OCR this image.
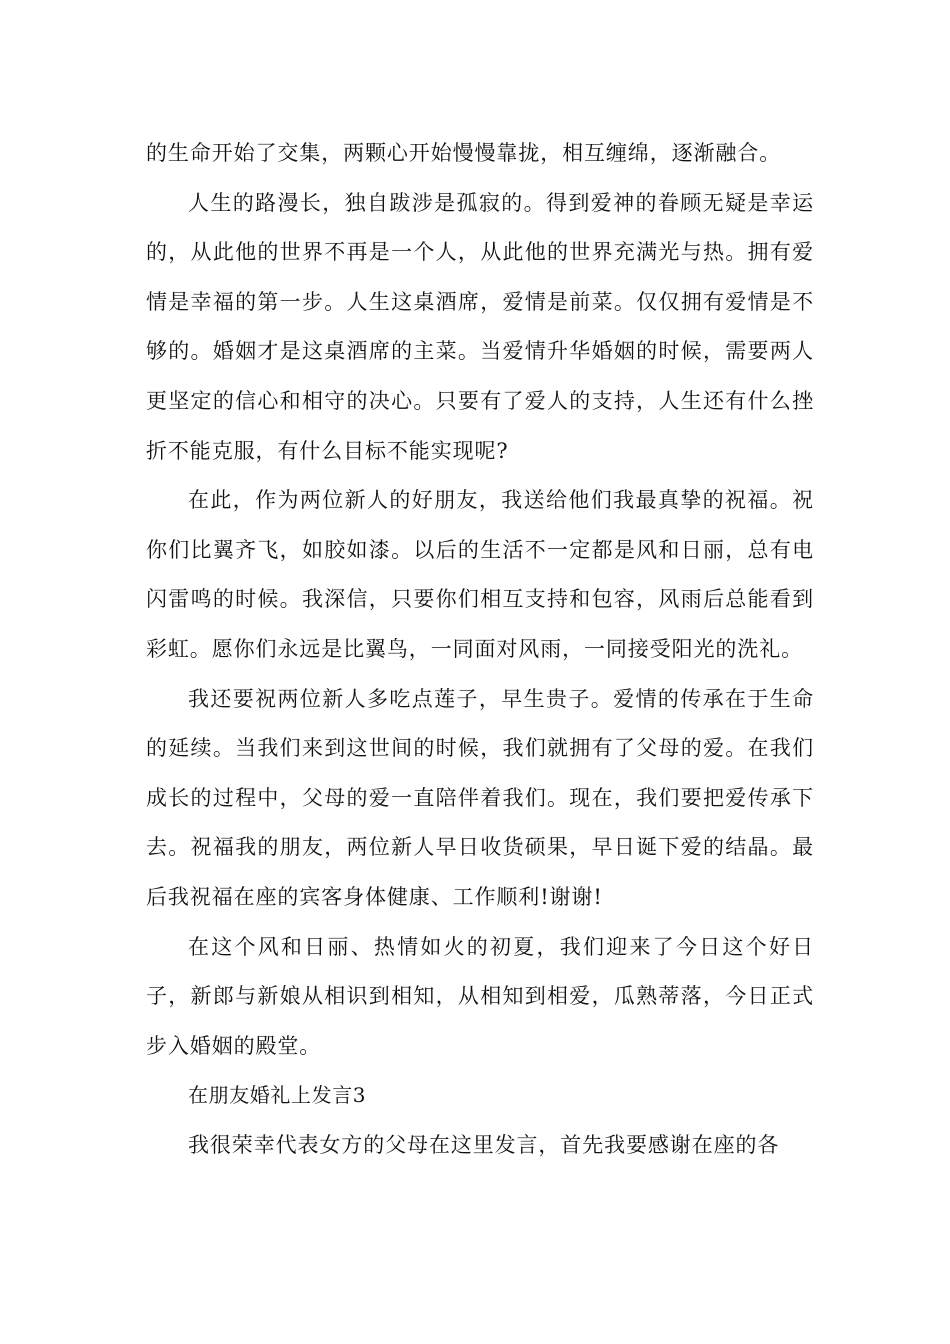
的生命开始了交集，两颗心开始慢慢靠拢，相互缠绵，逐渐融合。

人生的路漫长，独自跋涉是孤寂的。得到爱神的眷顾无疑是幸运的，从此他的世界不再是一个人，从此他的世界充满光与热。拥有爱情是幸福的第一步。人生这桌酒席，爱情是前菜。仅仅拥有爱情是不够的。婚姻才是这桌酒席的主菜。当爱情升华婚姻的时候，需要两人更坚定的信心和相守的决心。只要有了爱人的支持，人生还有什么挫折不能克服，有什么目标不能实现呢?

在此，作为两位新人的好朋友，我送给他们我最真挚的祝福。祝你们比翼齐飞，如胶如漆。以后的生活不一定都是风和日丽，总有电闪雷鸣的时候。我深信，只要你们相互支持和包容，风雨后总能看到彩虹。愿你们永远是比翼鸟，一同面对风雨，一同接受阳光的洗礼。

我还要祝两位新人多吃点莲子，早生贵子。爱情的传承在于生命的延续。当我们来到这世间的时候，我们就拥有了父母的爱。在我们成长的过程中，父母的爱一直陪伴着我们。现在，我们要把爱传承下去。祝福我的朋友，两位新人早日收货硕果，早日诞下爱的结晶。最后我祝福在座的宾客身体健康、工作顺利!谢谢!

在这个风和日丽、热情如火的初夏，我们迎来了今日这个好日子，新郎与新娘从相识到相知，从相知到相爱，瓜熟蒂落，今日正式步入婚姻的殿堂。

在朋友婚礼上发言3

我很荣幸代表女方的父母在这里发言，首先我要感谢在座的各
